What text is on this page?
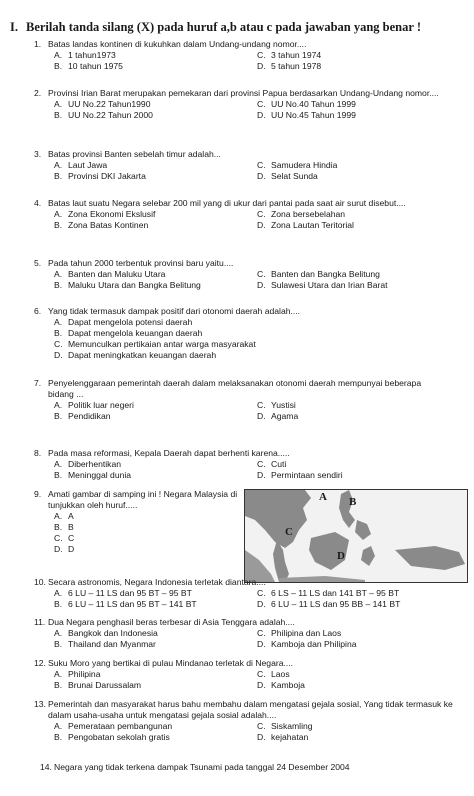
I. Berilah tanda silang (X) pada huruf a,b atau c pada jawaban yang benar !
1. Batas landas kontinen di kukuhkan dalam Undang-undang nomor....
A. 1 tahun1973	C. 3 tahun 1974
B. 10 tahun 1975	D. 5 tahun 1978
2. Provinsi Irian Barat merupakan pemekaran dari provinsi Papua berdasarkan Undang-Undang nomor....
A. UU No.22 Tahun1990	C. UU No.40 Tahun 1999
B. UU No.22 Tahun 2000	D. UU No.45 Tahun 1999
3. Batas provinsi Banten sebelah timur adalah...
A. Laut Jawa	C. Samudera Hindia
B. Provinsi DKI Jakarta	D. Selat Sunda
4. Batas laut suatu Negara selebar 200 mil yang di ukur dari pantai pada saat air surut disebut....
A. Zona Ekonomi Ekslusif	C. Zona bersebelahan
B. Zona Batas Kontinen	D. Zona Lautan Teritorial
5. Pada tahun 2000 terbentuk provinsi baru yaitu....
A. Banten dan Maluku Utara	C. Banten dan Bangka Belitung
B. Maluku Utara dan Bangka Belitung	D. Sulawesi Utara dan Irian Barat
6. Yang tidak termasuk dampak positif dari otonomi daerah adalah....
A. Dapat mengelola potensi daerah
B. Dapat mengelola keuangan daerah
C. Memunculkan pertikaian antar warga masyarakat
D. Dapat meningkatkan keuangan daerah
7. Penyelenggaraan pemerintah daerah dalam melaksanakan otonomi daerah mempunyai beberapa bidang ...
A. Politik luar negeri	C. Yustisi
B. Pendidikan	D. Agama
8. Pada masa reformasi, Kepala Daerah dapat berhenti karena.....
A. Diberhentikan	C. Cuti
B. Meninggal dunia	D. Permintaan sendiri
9. Amati gambar di samping ini ! Negara Malaysia di tunjukkan oleh huruf.....
A. A
B. B
C. C
D. D
A B
C
D
10. Secara astronomis, Negara Indonesia terletak diantara....
A. 6 LU – 11 LS dan 95 BT – 95 BT	C. 6 LS – 11 LS dan 141 BT – 95 BT
B. 6 LU – 11 LS dan 95 BT – 141 BT	D. 6 LU – 11 LS dan 95 BB – 141 BT
11. Dua Negara penghasil beras terbesar di Asia Tenggara adalah....
A. Bangkok dan Indonesia	C. Philipina dan Laos
B. Thailand dan Myanmar	D. Kamboja dan Philipina
12. Suku Moro yang bertikai di pulau Mindanao terletak di Negara....
A. Philipina	C. Laos
B. Brunai Darussalam	D. Kamboja
13. Pemerintah dan masyarakat harus bahu membahu dalam mengatasi gejala sosial, Yang tidak termasuk ke dalam usaha-usaha untuk mengatasi gejala sosial adalah....
A. Pemerataan pembangunan	C. Siskamling
B. Pengobatan sekolah gratis	D. kejahatan
14. Negara yang tidak terkena dampak Tsunami pada tanggal 24 Desember 2004
